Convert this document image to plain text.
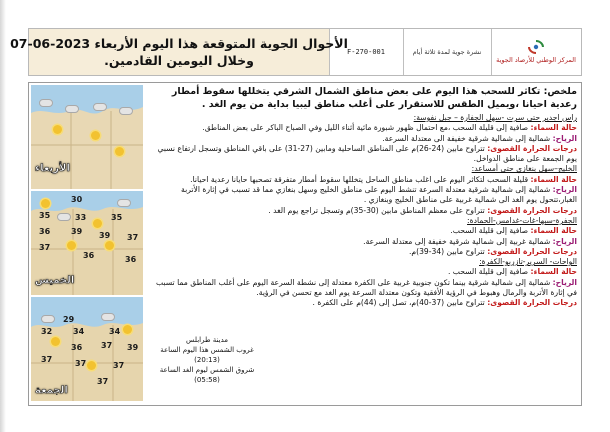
الأحوال الجوية المتوقعة هذا اليوم الأربعاء 2023-06-07
وخلال اليومين القادمين.
F-270-001	نشرة جوية لمدة ثلاثة أيام
المركز الوطني للأرصاد الجوية
الأربعاء
30
35	33	35
36	39 39 37
37
36	36
الخميس
29
32	34	34
36 37 39
37	37	37
37
الجمعة
ملخص: تكاثر للسحب هذا اليوم على بعض مناطق الشمال الشرقي يتخللها سقوط أمطار رعدية احيانا ،ويميل الطقس للاستقرار على أغلب مناطق ليبيا بداية من يوم الغد .
راس اجدير حتى سرت -سهل الجفارة – جبل نفوسة:
حالة السماء: صافية إلى قليلة السحب ،مع احتمال ظهور شبورة مائية أثناء الليل وفي الصباح الباكر على بعض المناطق.
الرياح: شمالية إلى شمالية شرقية خفيفة الى معتدلة السرعة.
درجات الحرارة القصوى: تتراوح مابين (24-26)م على المناطق الساحلية ومابين (27-31) على باقي المناطق وتسجل ارتفاع نسبي يوم الجمعة على مناطق الدواخل.
الخليج–سهل بنغازي حتى أمساعد:
حالة السماء: قليلة السحب لتكاثر اليوم على اغلب مناطق الساحل يتخللها سقوط أمطار متفرقة تصحبها حايانا رعدية احيانا.
الرياح: شمالية إلى شمالية شرقية معتدلة السرعة تنشط اليوم على مناطق الخليج وسهل بنغازي مما قد تسبب في إثارة الأتربة الغبار،تتحول يوم الغد الى شمالية غربية على مناطق الخليج وبنغازي .
درجات الحرارة القصوى: تتراوح على معظم المناطق مابين (30-35)م وتسجل تراجع يوم الغد .
الجفرة-سبها-غات-غدامس-الحمادة:
حالة السماء: صافية إلى قليلة السحب.
الرياح: شمالية غربية إلى شمالية شرقية خفيفة إلى معتدلة السرعة.
درجات الحرارة القصوى: تتراوح مابين (34-39)م.
الواحات- السرير-تازربو-الكفرة:
حالة السماء: صافية إلى قليلة السحب .
الرياح: شمالية إلى شمالية شرقية بينما تكون جنوبية غربية على الكفرة معتدلة إلى نشطة السرعة اليوم على أغلب المناطق مما تسبب في إثارة الأتربة والرمال وهبوط في الرؤية الأفقية وتكون معتدلة السرعة يوم الغد مع تحسن في الرؤية.
درجات الحرارة القصوى: تتراوح مابين (37-40)م، تصل إلى (44)م على الكفرة .
مدينة طرابلس
غروب الشمس هذا اليوم الساعة (20:13)
شروق الشمس ليوم الغد الساعة (05:58)
